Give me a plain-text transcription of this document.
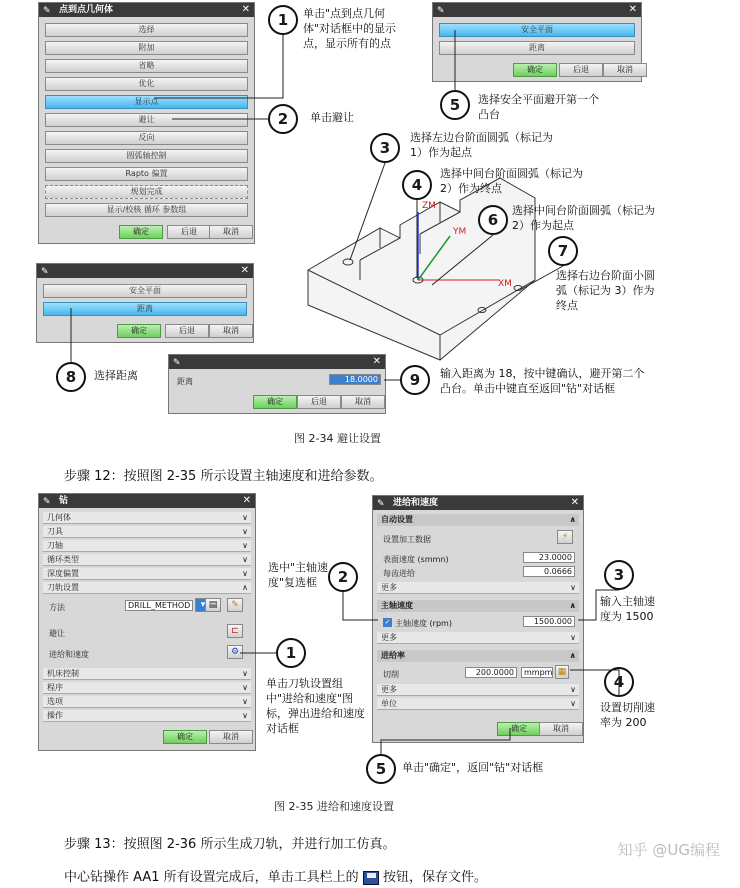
✎ 点到点几何体	✕
选择
附加
省略
优化
显示点
避让
反向
圆弧轴控制
Rapto 偏置
规划完成
显示/校核 循环 参数组
确定	后退	取消
1	单击"点到点几何体"对话框中的显示点，显示所有的点
2	单击避让
✎	✕
安全平面
距离
确定	后退	取消
5	选择安全平面避开第一个凸台
ZM
YM
XM
3
选择左边台阶面圆弧（标记为 1）作为起点
4
选择中间台阶面圆弧（标记为 2）作为终点
6
选择中间台阶面圆弧（标记为 2）作为起点
7
选择右边台阶面小圆弧（标记为 3）作为终点
✎	✕
安全平面
距离
确定	后退	取消
8	选择距离
✎	✕
距离	18.0000
确定	后退	取消
9	输入距离为 18，按中键确认，避开第二个凸台。单击中键直至返回"钻"对话框
图 2-34 避让设置
步骤 12：按照图 2-35 所示设置主轴速度和进给参数。
✎ 钻	✕
几何体	∨
刀具	∨
刀轴	∨
循环类型	∨
深度偏置	∨
刀轨设置	∧
方法	DRILL_METHOD	▾ ▤	✎
避让	⊏
进给和速度	⚙
机床控制	∨
程序	∨
选项	∨
操作	∨
确定	取消
✎ 进给和速度	✕
自动设置	∧
设置加工数据	⚡
表面速度 (smmn)	23.0000
每齿进给	0.0666
更多	∨
主轴速度	∧
✓ 主轴速度 (rpm)	1500.000
更多	∨
进给率	∧
切削	200.0000	mmpm ▦
更多	∨
单位	∨
确定	取消
2
选中"主轴速度"复选框
1
单击刀轨设置组中"进给和速度"图标，弹出进给和速度对话框
3
输入主轴速度为 1500
4
设置切削速率为 200
5	单击"确定"，返回"钻"对话框
图 2-35 进给和速度设置
步骤 13：按照图 2-36 所示生成刀轨，并进行加工仿真。	知乎 @UG编程
中心钻操作 AA1 所有设置完成后，单击工具栏上的 按钮，保存文件。
